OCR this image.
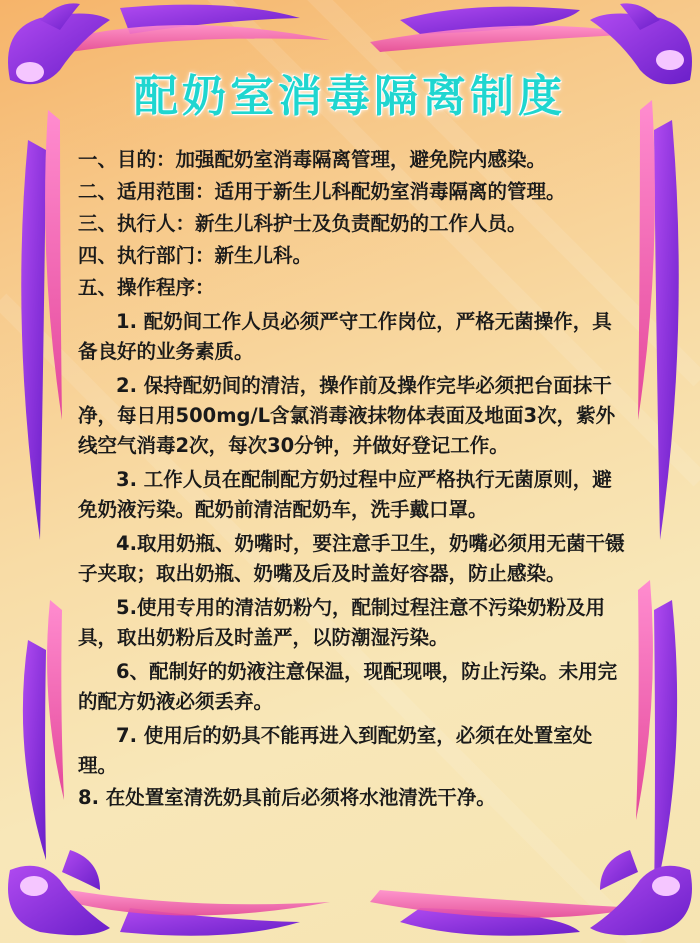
配奶室消毒隔离制度

一、目的：加强配奶室消毒隔离管理，避免院内感染。

二、适用范围：适用于新生儿科配奶室消毒隔离的管理。

三、执行人：新生儿科护士及负责配奶的工作人员。

四、执行部门：新生儿科。

五、操作程序：

1. 配奶间工作人员必须严守工作岗位，严格无菌操作，具备良好的业务素质。

2. 保持配奶间的清洁，操作前及操作完毕必须把台面抹干净，每日用500mg/L含氯消毒液抹物体表面及地面3次，紫外线空气消毒2次，每次30分钟，并做好登记工作。

3. 工作人员在配制配方奶过程中应严格执行无菌原则，避免奶液污染。配奶前清洁配奶车，洗手戴口罩。

4.取用奶瓶、奶嘴时，要注意手卫生，奶嘴必须用无菌干镊子夹取；取出奶瓶、奶嘴及后及时盖好容器，防止感染。

5.使用专用的清洁奶粉勺，配制过程注意不污染奶粉及用具，取出奶粉后及时盖严，以防潮湿污染。

6、配制好的奶液注意保温，现配现喂，防止污染。未用完的配方奶液必须丢弃。

7. 使用后的奶具不能再进入到配奶室，必须在处置室处理。

8. 在处置室清洗奶具前后必须将水池清洗干净。
